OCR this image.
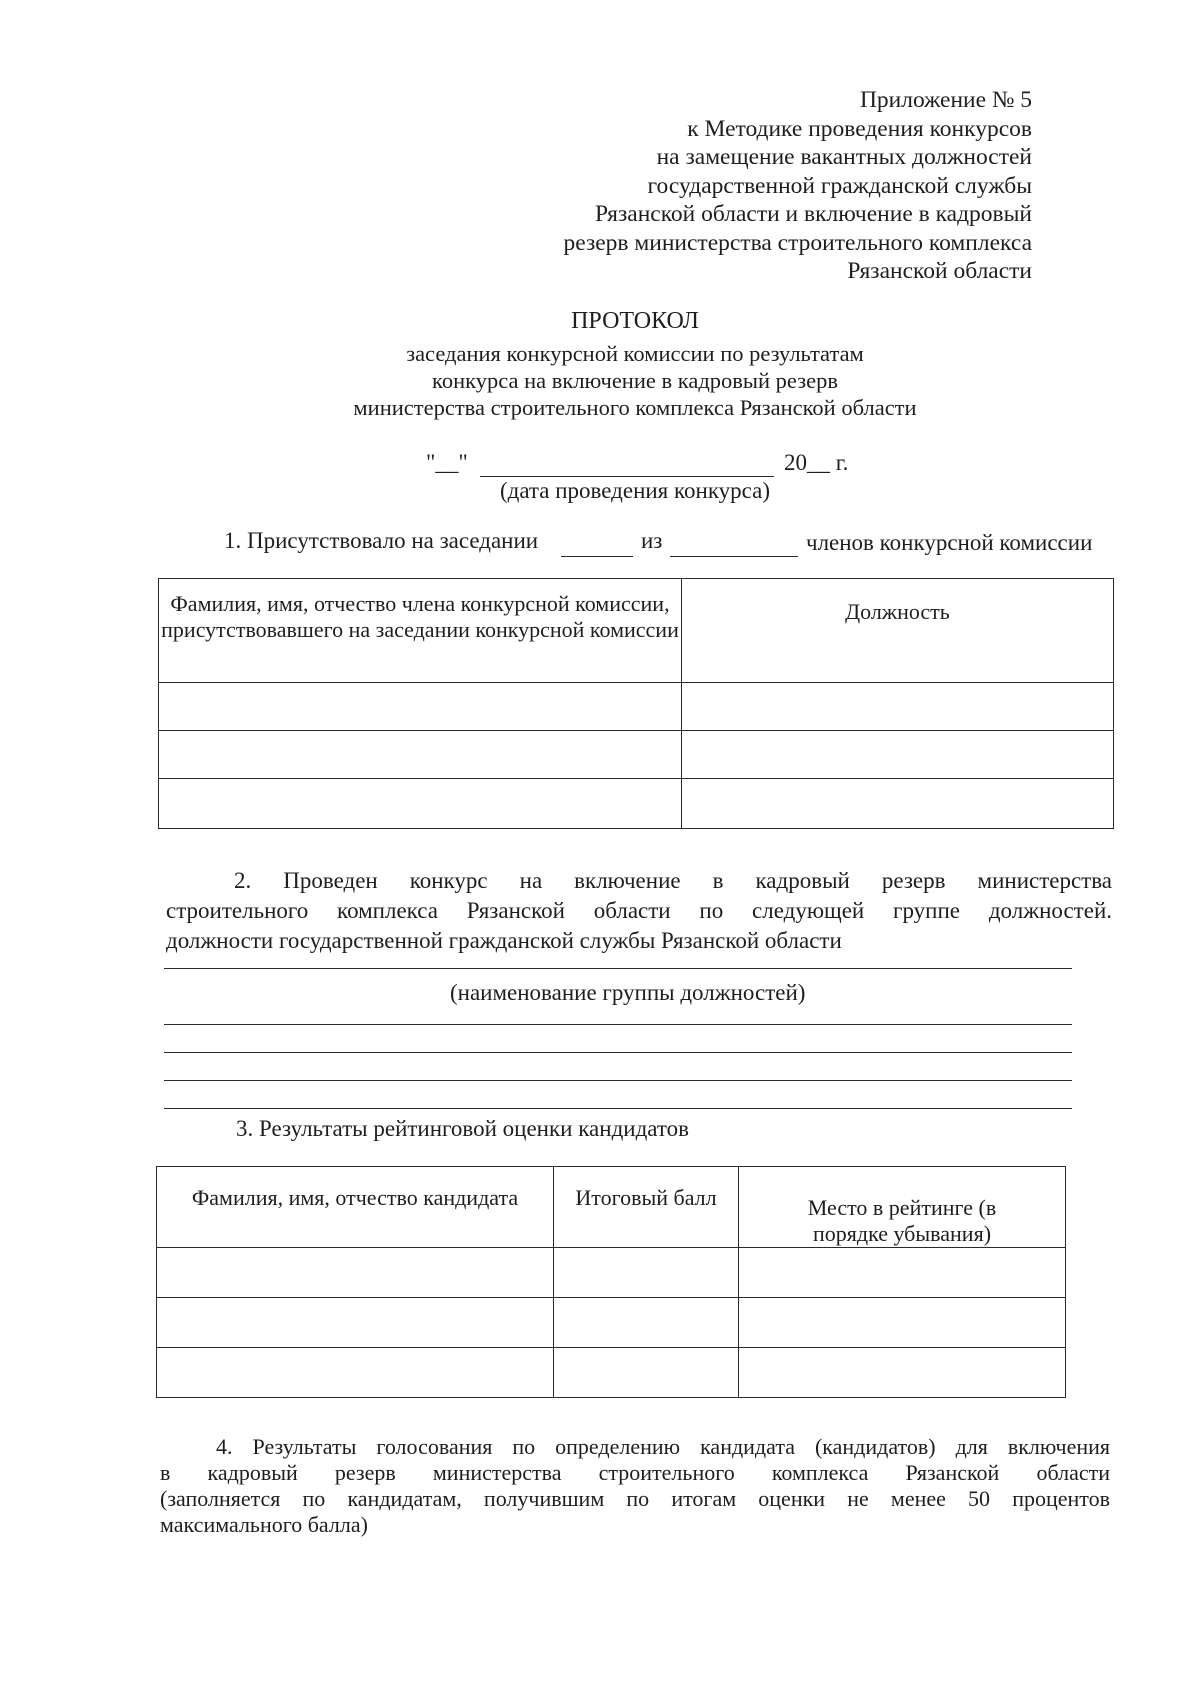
Приложение № 5
к Методике проведения конкурсов
на замещение вакантных должностей
государственной гражданской службы
Рязанской области и включение в кадровый
резерв министерства строительного комплекса
Рязанской области
ПРОТОКОЛ
заседания конкурсной комиссии по результатам
конкурса на включение в кадровый резерв
министерства строительного комплекса Рязанской области
"__"	20__ г.
(дата проведения конкурса)
1. Присутствовало на заседании	из	членов конкурсной комиссии
Фамилия, имя, отчество члена конкурсной комиссии, присутствовавшего на заседании конкурсной комиссии	Должность

2. Проведен конкурс на включение в кадровый резерв министерства
строительного комплекса Рязанской области по следующей группе должностей.
должности государственной гражданской службы Рязанской области
(наименование группы должностей)
3. Результаты рейтинговой оценки кандидатов
Фамилия, имя, отчество кандидата	Итоговый балл	Место в рейтинге (в порядке убывания)

4. Результаты голосования по определению кандидата (кандидатов) для включения
в кадровый резерв министерства строительного комплекса Рязанской области
(заполняется по кандидатам, получившим по итогам оценки не менее 50 процентов
максимального балла)
